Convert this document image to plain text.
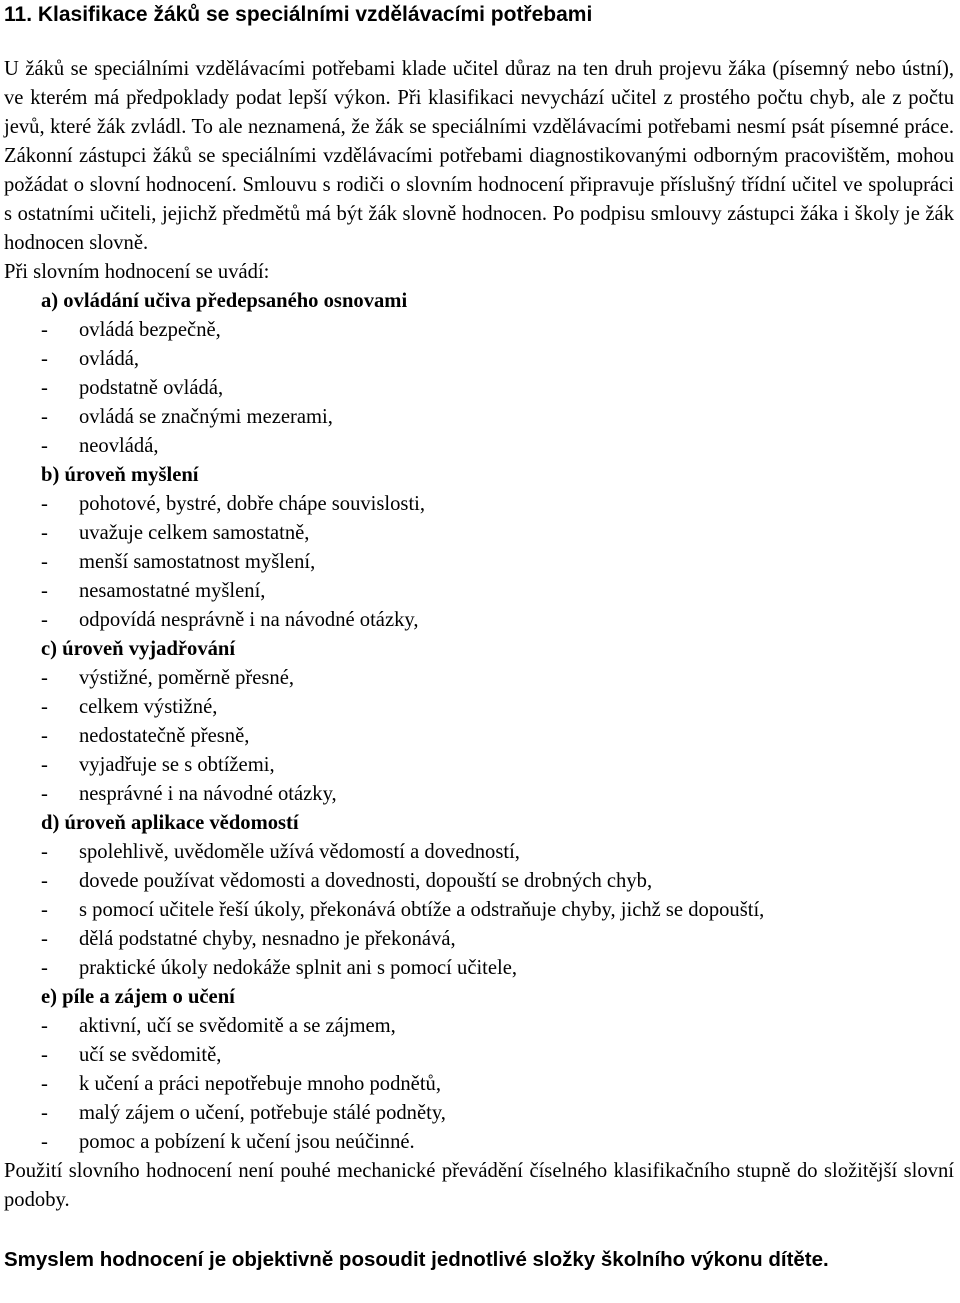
11. Klasifikace žáků se speciálními vzdělávacími potřebami

U žáků se speciálními vzdělávacími potřebami klade učitel důraz na ten druh projevu žáka (písemný nebo ústní), ve kterém má předpoklady podat lepší výkon. Při klasifikaci nevychází učitel z prostého počtu chyb, ale z počtu jevů, které žák zvládl. To ale neznamená, že žák se speciálními vzdělávacími potřebami nesmí psát písemné práce. Zákonní zástupci žáků se speciálními vzdělávacími potřebami diagnostikovanými odborným pracovištěm, mohou požádat o slovní hodnocení. Smlouvu s rodiči o slovním hodnocení připravuje příslušný třídní učitel ve spolupráci s ostatními učiteli, jejichž předmětů má být žák slovně hodnocen. Po podpisu smlouvy zástupci žáka i školy je žák hodnocen slovně.

Při slovním hodnocení se uvádí:

a) ovládání učiva předepsaného osnovami
-	ovládá bezpečně,
-	ovládá,
-	podstatně ovládá,
-	ovládá se značnými mezerami,
-	neovládá,
b) úroveň myšlení
-	pohotové, bystré, dobře chápe souvislosti,
-	uvažuje celkem samostatně,
-	menší samostatnost myšlení,
-	nesamostatné myšlení,
-	odpovídá nesprávně i na návodné otázky,
c) úroveň vyjadřování
-	výstižné, poměrně přesné,
-	celkem výstižné,
-	nedostatečně přesně,
-	vyjadřuje se s obtížemi,
-	nesprávné i na návodné otázky,
d) úroveň aplikace vědomostí
-	spolehlivě, uvědoměle užívá vědomostí a dovedností,
-	dovede používat vědomosti a dovednosti, dopouští se drobných chyb,
-	s pomocí učitele řeší úkoly, překonává obtíže a odstraňuje chyby, jichž se dopouští,
-	dělá podstatné chyby, nesnadno je překonává,
-	praktické úkoly nedokáže splnit ani s pomocí učitele,
e) píle a zájem o učení
-	aktivní, učí se svědomitě a se zájmem,
-	učí se svědomitě,
-	k učení a práci nepotřebuje mnoho podnětů,
-	malý zájem o učení, potřebuje stálé podněty,
-	pomoc a pobízení k učení jsou neúčinné.

Použití slovního hodnocení není pouhé mechanické převádění číselného klasifikačního stupně do složitější slovní podoby.

Smyslem hodnocení je objektivně posoudit jednotlivé složky školního výkonu dítěte.
